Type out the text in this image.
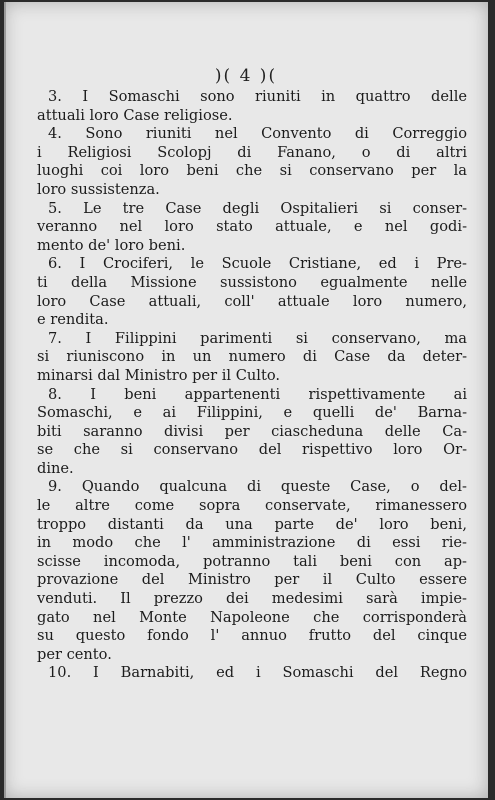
)( 4 )(
3. I Somaschi sono riuniti in quattro delle
attuali loro Case religiose.
4. Sono riuniti nel Convento di Correggio
i Religiosi Scolopj di Fanano, o di altri
luoghi coi loro beni che si conservano per la
loro sussistenza.
5. Le tre Case degli Ospitalieri si conser-
veranno nel loro stato attuale, e nel godi-
mento de' loro beni.
6. I Crociferi, le Scuole Cristiane, ed i Pre-
ti della Missione sussistono egualmente nelle
loro Case attuali, coll' attuale loro numero,
e rendita.
7. I Filippini parimenti si conservano, ma
si riuniscono in un numero di Case da deter-
minarsi dal Ministro per il Culto.
8. I beni appartenenti rispettivamente ai
Somaschi, e ai Filippini, e quelli de' Barna-
biti saranno divisi per ciascheduna delle Ca-
se che si conservano del rispettivo loro Or-
dine.
9. Quando qualcuna di queste Case, o del-
le altre come sopra conservate, rimanessero
troppo distanti da una parte de' loro beni,
in modo che l' amministrazione di essi rie-
scisse incomoda, potranno tali beni con ap-
provazione del Ministro per il Culto essere
venduti. Il prezzo dei medesimi sarà impie-
gato nel Monte Napoleone che corrisponderà
su questo fondo l' annuo frutto del cinque
per cento.
10. I Barnabiti, ed i Somaschi del Regno
